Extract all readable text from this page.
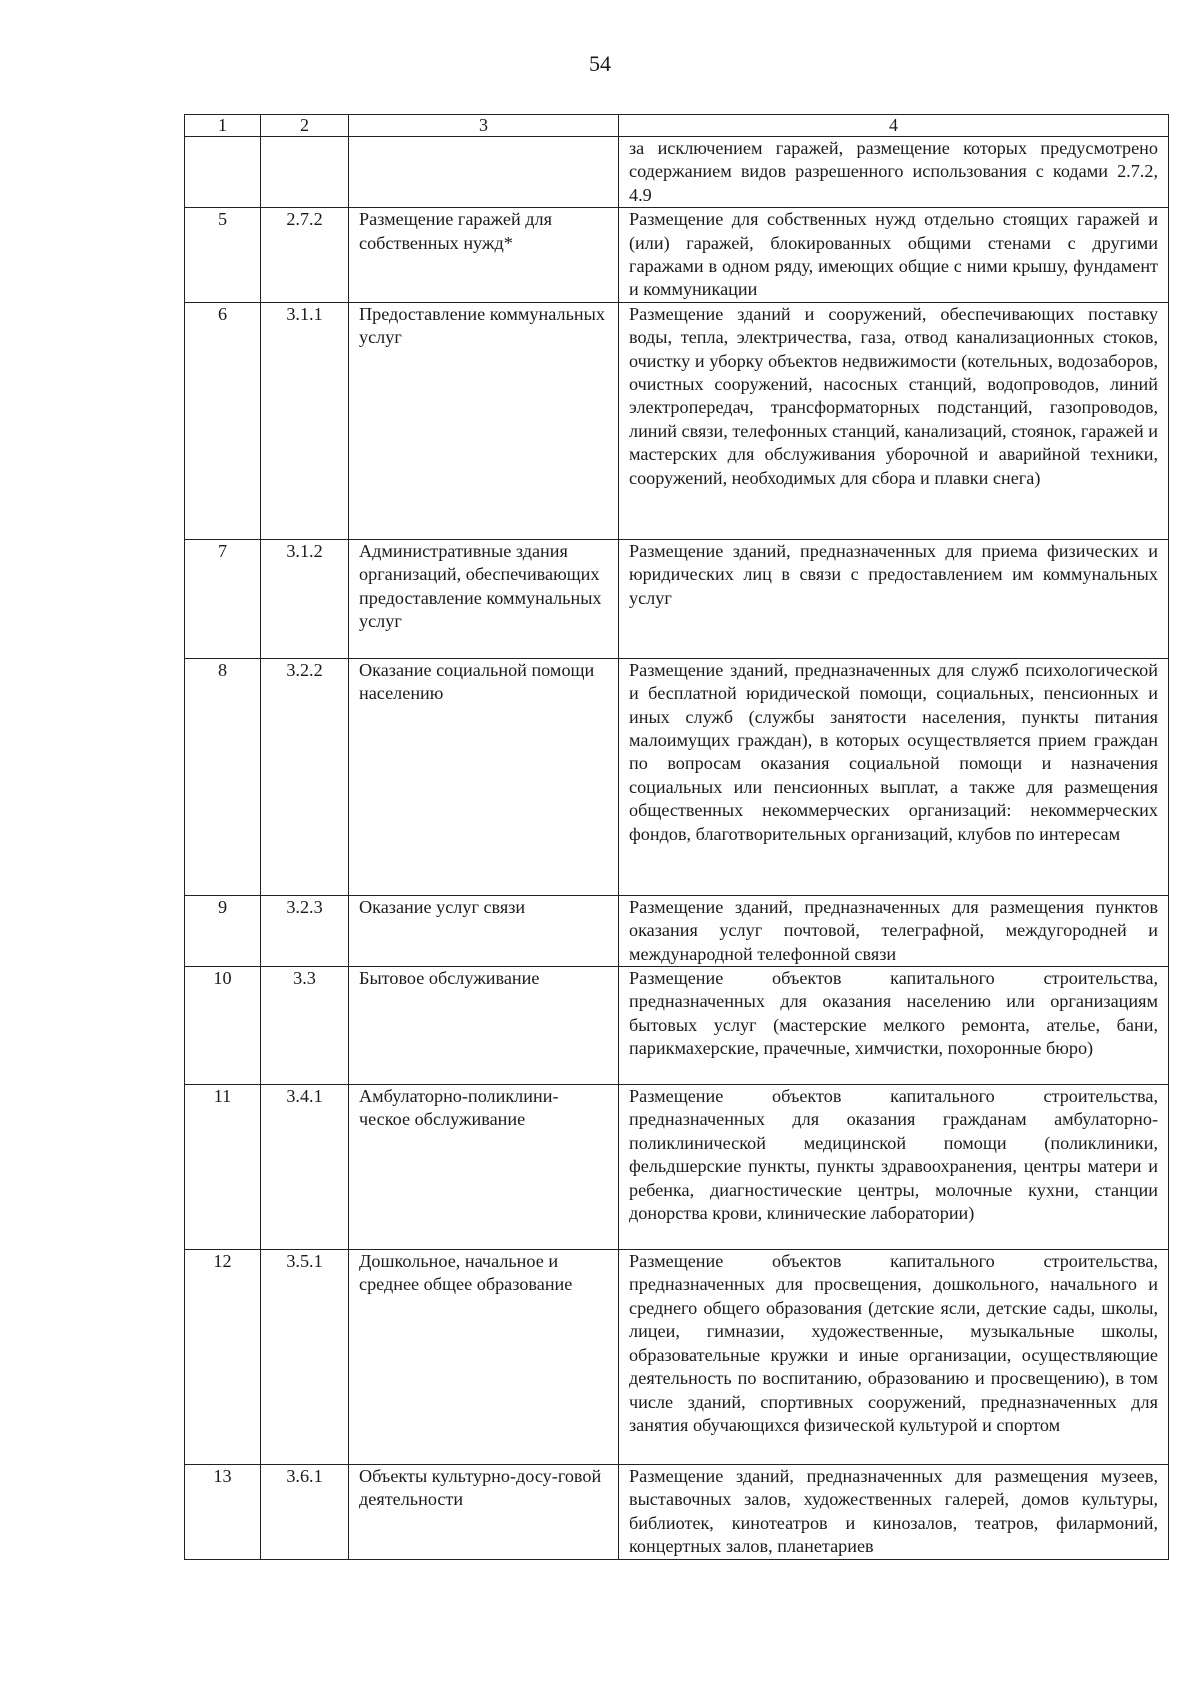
54
1	2	3	4
			за исключением гаражей, размещение которых предусмотрено содержанием видов разрешенного использования с кодами 2.7.2, 4.9
5	2.7.2	Размещение гаражей для собственных нужд*	Размещение для собственных нужд отдельно стоящих гаражей и (или) гаражей, блокированных общими стенами с другими гаражами в одном ряду, имеющих общие с ними крышу, фундамент и коммуникации
6	3.1.1	Предоставление коммунальных услуг	Размещение зданий и сооружений, обеспечивающих поставку воды, тепла, электричества, газа, отвод канализационных стоков, очистку и уборку объектов недвижимости (котельных, водозаборов, очистных сооружений, насосных станций, водопроводов, линий электропередач, трансформаторных подстанций, газопроводов, линий связи, телефонных станций, канализаций, стоянок, гаражей и мастерских для обслуживания уборочной и аварийной техники, сооружений, необходимых для сбора и плавки снега)
7	3.1.2	Административные здания организаций, обеспечивающих предоставление коммунальных услуг	Размещение зданий, предназначенных для приема физических и юридических лиц в связи с предоставлением им коммунальных услуг
8	3.2.2	Оказание социальной помощи населению	Размещение зданий, предназначенных для служб психологической и бесплатной юридической помощи, социальных, пенсионных и иных служб (службы занятости населения, пункты питания малоимущих граждан), в которых осуществляется прием граждан по вопросам оказания социальной помощи и назначения социальных или пенсионных выплат, а также для размещения общественных некоммерческих организаций: некоммерческих фондов, благотворительных организаций, клубов по интересам
9	3.2.3	Оказание услуг связи	Размещение зданий, предназначенных для размещения пунктов оказания услуг почтовой, телеграфной, междугородней и международной телефонной связи
10	3.3	Бытовое обслуживание	Размещение объектов капитального строительства, предназначенных для оказания населению или организациям бытовых услуг (мастерские мелкого ремонта, ателье, бани, парикмахерские, прачечные, химчистки, похоронные бюро)
11	3.4.1	Амбулаторно-поликлини-ческое обслуживание	Размещение объектов капитального строительства, предназначенных для оказания гражданам амбулаторно-поликлинической медицинской помощи (поликлиники, фельдшерские пункты, пункты здравоохранения, центры матери и ребенка, диагностические центры, молочные кухни, станции донорства крови, клинические лаборатории)
12	3.5.1	Дошкольное, начальное и среднее общее образование	Размещение объектов капитального строительства, предназначенных для просвещения, дошкольного, начального и среднего общего образования (детские ясли, детские сады, школы, лицеи, гимназии, художественные, музыкальные школы, образовательные кружки и иные организации, осуществляющие деятельность по воспитанию, образованию и просвещению), в том числе зданий, спортивных сооружений, предназначенных для занятия обучающихся физической культурой и спортом
13	3.6.1	Объекты культурно-досу-говой деятельности	Размещение зданий, предназначенных для размещения музеев, выставочных залов, художественных галерей, домов культуры, библиотек, кинотеатров и кинозалов, театров, филармоний, концертных залов, планетариев
